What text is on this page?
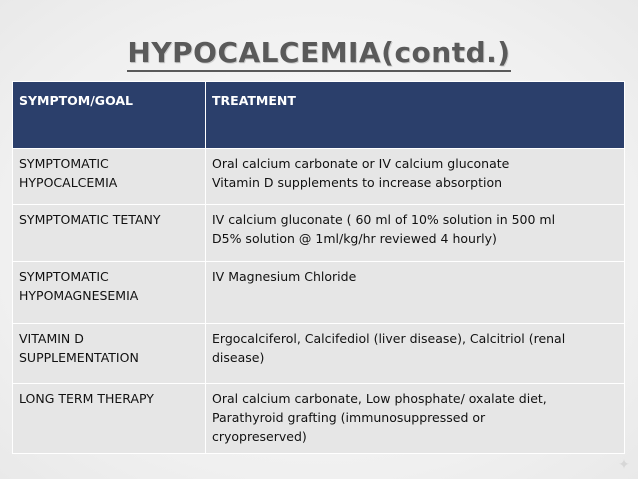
HYPOCALCEMIA(contd.)
SYMPTOM/GOAL	TREATMENT

SYMPTOMATIC
HYPOCALCEMIA	Oral calcium carbonate or IV calcium gluconate
Vitamin D supplements to increase absorption

SYMPTOMATIC TETANY	IV calcium gluconate ( 60 ml of 10% solution in 500 ml
D5% solution @ 1ml/kg/hr reviewed 4 hourly)

SYMPTOMATIC
HYPOMAGNESEMIA	IV Magnesium Chloride

VITAMIN D
SUPPLEMENTATION	Ergocalciferol, Calcifediol (liver disease), Calcitriol (renal
disease)

LONG TERM THERAPY	Oral calcium carbonate, Low phosphate/ oxalate diet,
Parathyroid grafting (immunosuppressed or
cryopreserved)
✦
